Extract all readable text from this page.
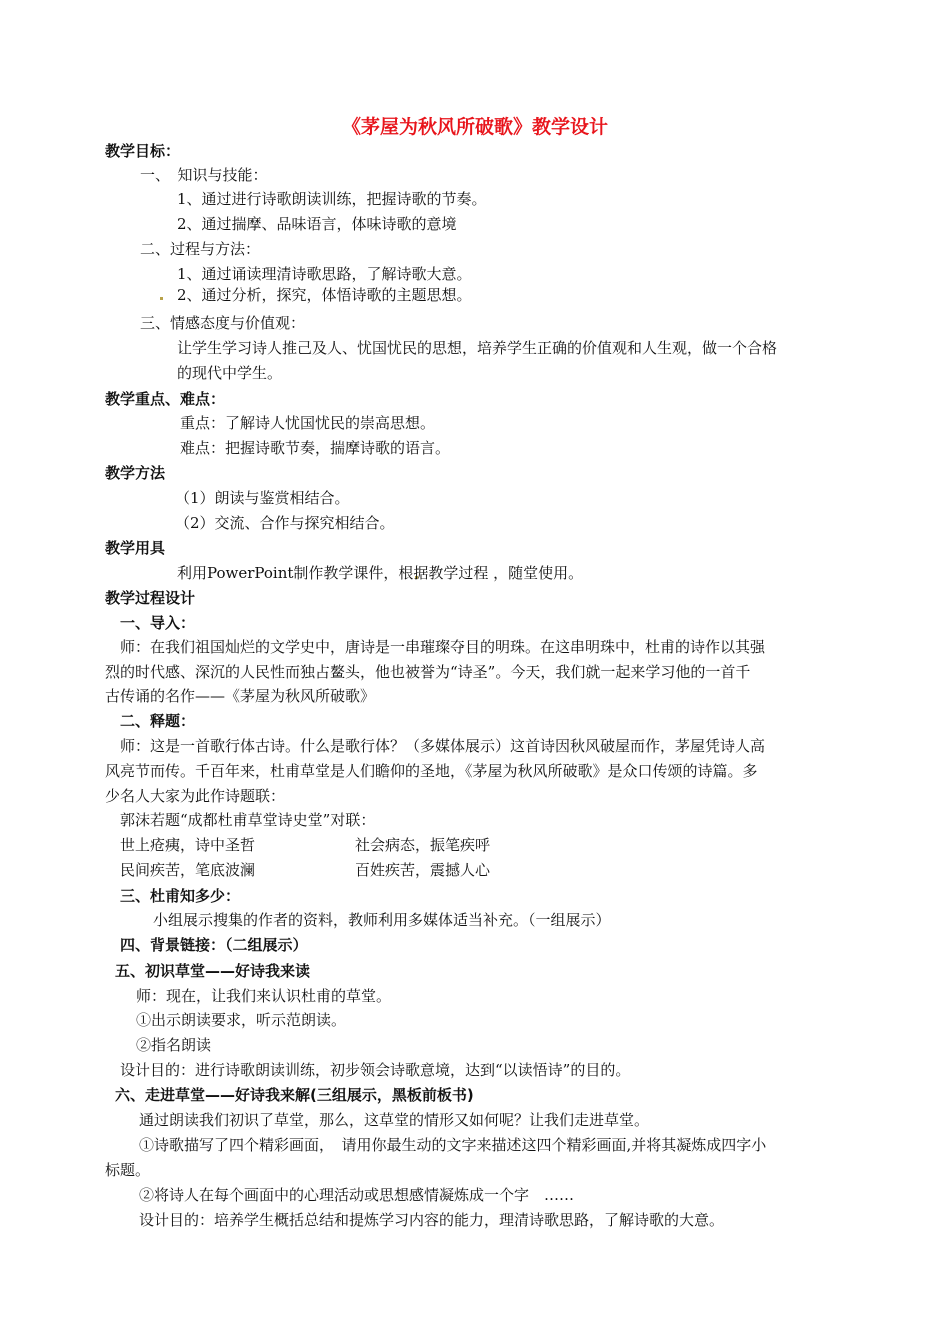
《茅屋为秋风所破歌》教学设计
教学目标：
一、　知识与技能：
1、通过进行诗歌朗读训练，把握诗歌的节奏。
2、通过揣摩、品味语言，体味诗歌的意境
二、过程与方法：
1、通过诵读理清诗歌思路，了解诗歌大意。
2、通过分析，探究，体悟诗歌的主题思想。
三、情感态度与价值观：
让学生学习诗人推己及人、忧国忧民的思想，培养学生正确的价值观和人生观，做一个合格
的现代中学生。
教学重点、难点：
重点：了解诗人忧国忧民的崇高思想。
难点：把握诗歌节奏，揣摩诗歌的语言。
教学方法
（1）朗读与鉴赏相结合。
（2）交流、合作与探究相结合。
教学用具
利用PowerPoint制作教学课件，根据教学过程 ，随堂使用。
教学过程设计
一、导入：
师：在我们祖国灿烂的文学史中，唐诗是一串璀璨夺目的明珠。在这串明珠中，杜甫的诗作以其强
烈的时代感、深沉的人民性而独占鳌头，他也被誉为“诗圣”。今天，我们就一起来学习他的一首千
古传诵的名作——《茅屋为秋风所破歌》
二、释题：
师：这是一首歌行体古诗。什么是歌行体？（多媒体展示）这首诗因秋风破屋而作，茅屋凭诗人高
风亮节而传。千百年来，杜甫草堂是人们瞻仰的圣地，《茅屋为秋风所破歌》是众口传颂的诗篇。多
少名人大家为此作诗题联：
郭沫若题“成都杜甫草堂诗史堂”对联：
世上疮痍，诗中圣哲	社会病态，振笔疾呼
民间疾苦，笔底波澜	百姓疾苦，震撼人心
三、杜甫知多少：
小组展示搜集的作者的资料，教师利用多媒体适当补充。（一组展示）
四、背景链接：（二组展示）
五、初识草堂——好诗我来读
师：现在，让我们来认识杜甫的草堂。
①出示朗读要求，听示范朗读。
②指名朗读
设计目的：进行诗歌朗读训练，初步领会诗歌意境，达到“以读悟诗”的目的。
六、走进草堂——好诗我来解(三组展示，黑板前板书)
通过朗读我们初识了草堂，那么，这草堂的情形又如何呢？让我们走进草堂。
①诗歌描写了四个精彩画面，　请用你最生动的文字来描述这四个精彩画面,并将其凝炼成四字小
标题。
②将诗人在每个画面中的心理活动或思想感情凝炼成一个字　……
设计目的：培养学生概括总结和提炼学习内容的能力，理清诗歌思路，了解诗歌的大意。
